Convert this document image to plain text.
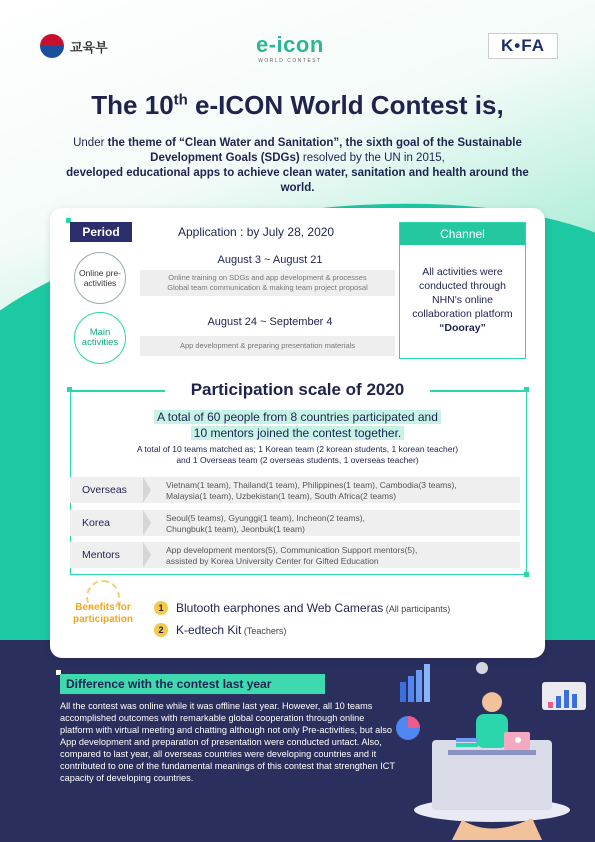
교육부	e-icon
WORLD CONTEST
K•FA
The 10th e-ICON World Contest is,
Under the theme of “Clean Water and Sanitation”, the sixth goal of the Sustainable Development Goals (SDGs) resolved by the UN in 2015,
developed educational apps to achieve clean water, sanitation and health around the world.
Period	Application : by July 28, 2020
Online pre-activities
August 3 ~ August 21
Online training on SDGs and app development & processes
Global team communication & making team project proposal
Main activities
August 24 ~ September 4
App development & preparing presentation materials
Channel
All activities were conducted through NHN's online collaboration platform “Dooray”
Participation scale of 2020
A total of 60 people from 8 countries participated and
10 mentors joined the contest together.
A total of 10 teams matched as; 1 Korean team (2 korean students, 1 korean teacher)
and 1 Overseas team (2 overseas students, 1 overseas teacher)
Overseas	Vietnam(1 team), Thailand(1 team), Philippines(1 team), Cambodia(3 teams),
Malaysia(1 team), Uzbekistan(1 team), South Africa(2 teams)
Korea	Seoul(5 teams), Gyunggi(1 team), Incheon(2 teams),
Chungbuk(1 team), Jeonbuk(1 team)
Mentors	App development mentors(5), Communication Support mentors(5),
assisted by Korea University Center for Gifted Education
Benefits for participation
1	Blutooth earphones and Web Cameras (All participants)
2	K-edtech Kit (Teachers)
Difference with the contest last year
All the contest was online while it was offline last year. However, all 10 teams accomplished outcomes with remarkable global cooperation through online platform with virtual meeting and chatting although not only Pre-activities, but also App development and preparation of presentation were conducted untact. Also, compared to last year, all overseas countries were developing countries and it contributed to one of the fundamental meanings of this contest that strengthen ICT capacity of developing countries.
